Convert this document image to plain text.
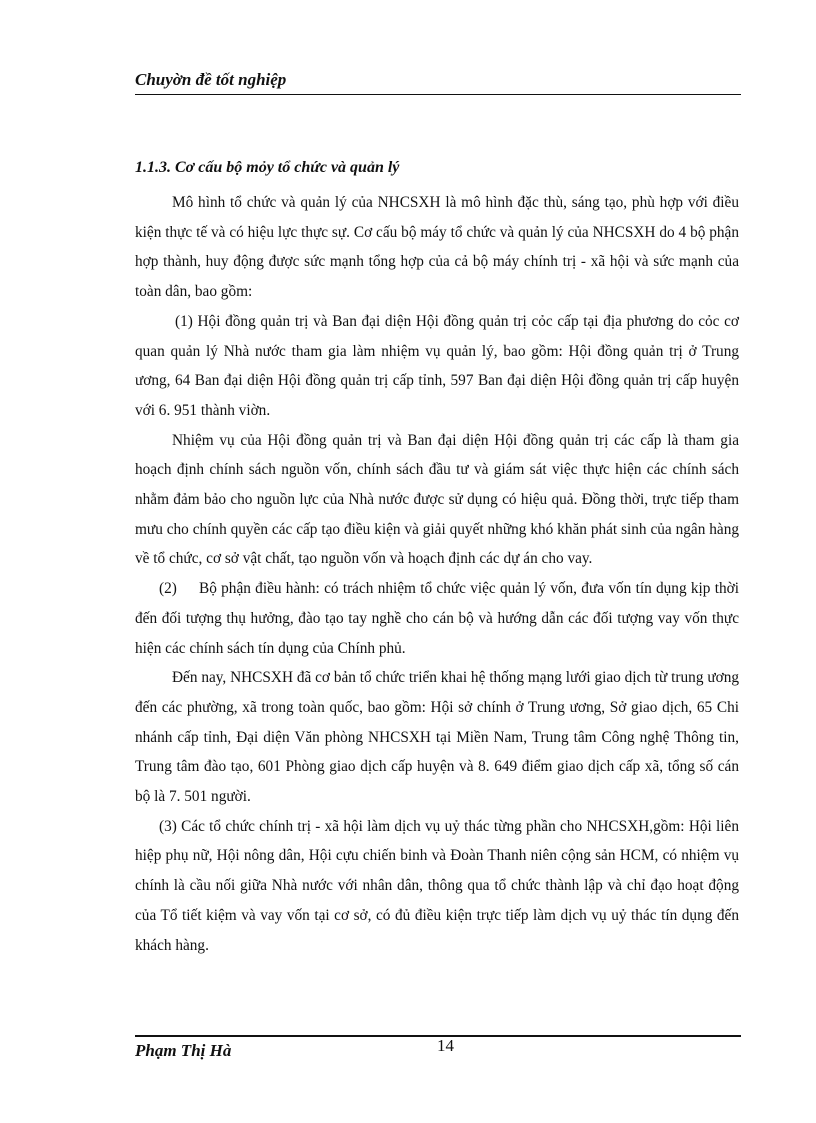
Chuyờn đề tốt nghiệp
1.1.3. Cơ cấu bộ mỏy tổ chức và quản lý

Mô hình tổ chức và quản lý của NHCSXH là mô hình đặc thù, sáng tạo, phù hợp với điều kiện thực tế và có hiệu lực thực sự. Cơ cấu bộ máy tổ chức và quản lý của NHCSXH do 4 bộ phận hợp thành, huy động được sức mạnh tổng hợp của cả bộ máy chính trị - xã hội và sức mạnh của toàn dân, bao gồm:

(1) Hội đồng quản trị và Ban đại diện Hội đồng quản trị cỏc cấp tại địa phương do cỏc cơ quan quản lý Nhà nước tham gia làm nhiệm vụ quản lý, bao gồm: Hội đồng quản trị ở Trung ương, 64 Ban đại diện Hội đồng quản trị cấp tỉnh, 597 Ban đại diện Hội đồng quản trị cấp huyện với 6. 951 thành viờn.

Nhiệm vụ của Hội đồng quản trị và Ban đại diện Hội đồng quản trị các cấp là tham gia hoạch định chính sách nguồn vốn, chính sách đầu tư và giám sát việc thực hiện các chính sách nhằm đảm bảo cho nguồn lực của Nhà nước được sử dụng có hiệu quả. Đồng thời, trực tiếp tham mưu cho chính quyền các cấp tạo điều kiện và giải quyết những khó khăn phát sinh của ngân hàng về tổ chức, cơ sở vật chất, tạo nguồn vốn và hoạch định các dự án cho vay.

(2) Bộ phận điều hành: có trách nhiệm tổ chức việc quản lý vốn, đưa vốn tín dụng kịp thời đến đối tượng thụ hưởng, đào tạo tay nghề cho cán bộ và hướng dẫn các đối tượng vay vốn thực hiện các chính sách tín dụng của Chính phủ.

Đến nay, NHCSXH đã cơ bản tổ chức triển khai hệ thống mạng lưới giao dịch từ trung ương đến các phường, xã trong toàn quốc, bao gồm: Hội sở chính ở Trung ương, Sở giao dịch, 65 Chi nhánh cấp tỉnh, Đại diện Văn phòng NHCSXH tại Miền Nam, Trung tâm Công nghệ Thông tin, Trung tâm đào tạo, 601 Phòng giao dịch cấp huyện và 8. 649 điểm giao dịch cấp xã, tổng số cán bộ là 7. 501 người.

(3) Các tổ chức chính trị - xã hội làm dịch vụ uỷ thác từng phần cho NHCSXH,gồm: Hội liên hiệp phụ nữ, Hội nông dân, Hội cựu chiến binh và Đoàn Thanh niên cộng sản HCM, có nhiệm vụ chính là cầu nối giữa Nhà nước với nhân dân, thông qua tổ chức thành lập và chỉ đạo hoạt động của Tổ tiết kiệm và vay vốn tại cơ sở, có đủ điều kiện trực tiếp làm dịch vụ uỷ thác tín dụng đến khách hàng.

Phạm Thị Hà	14
